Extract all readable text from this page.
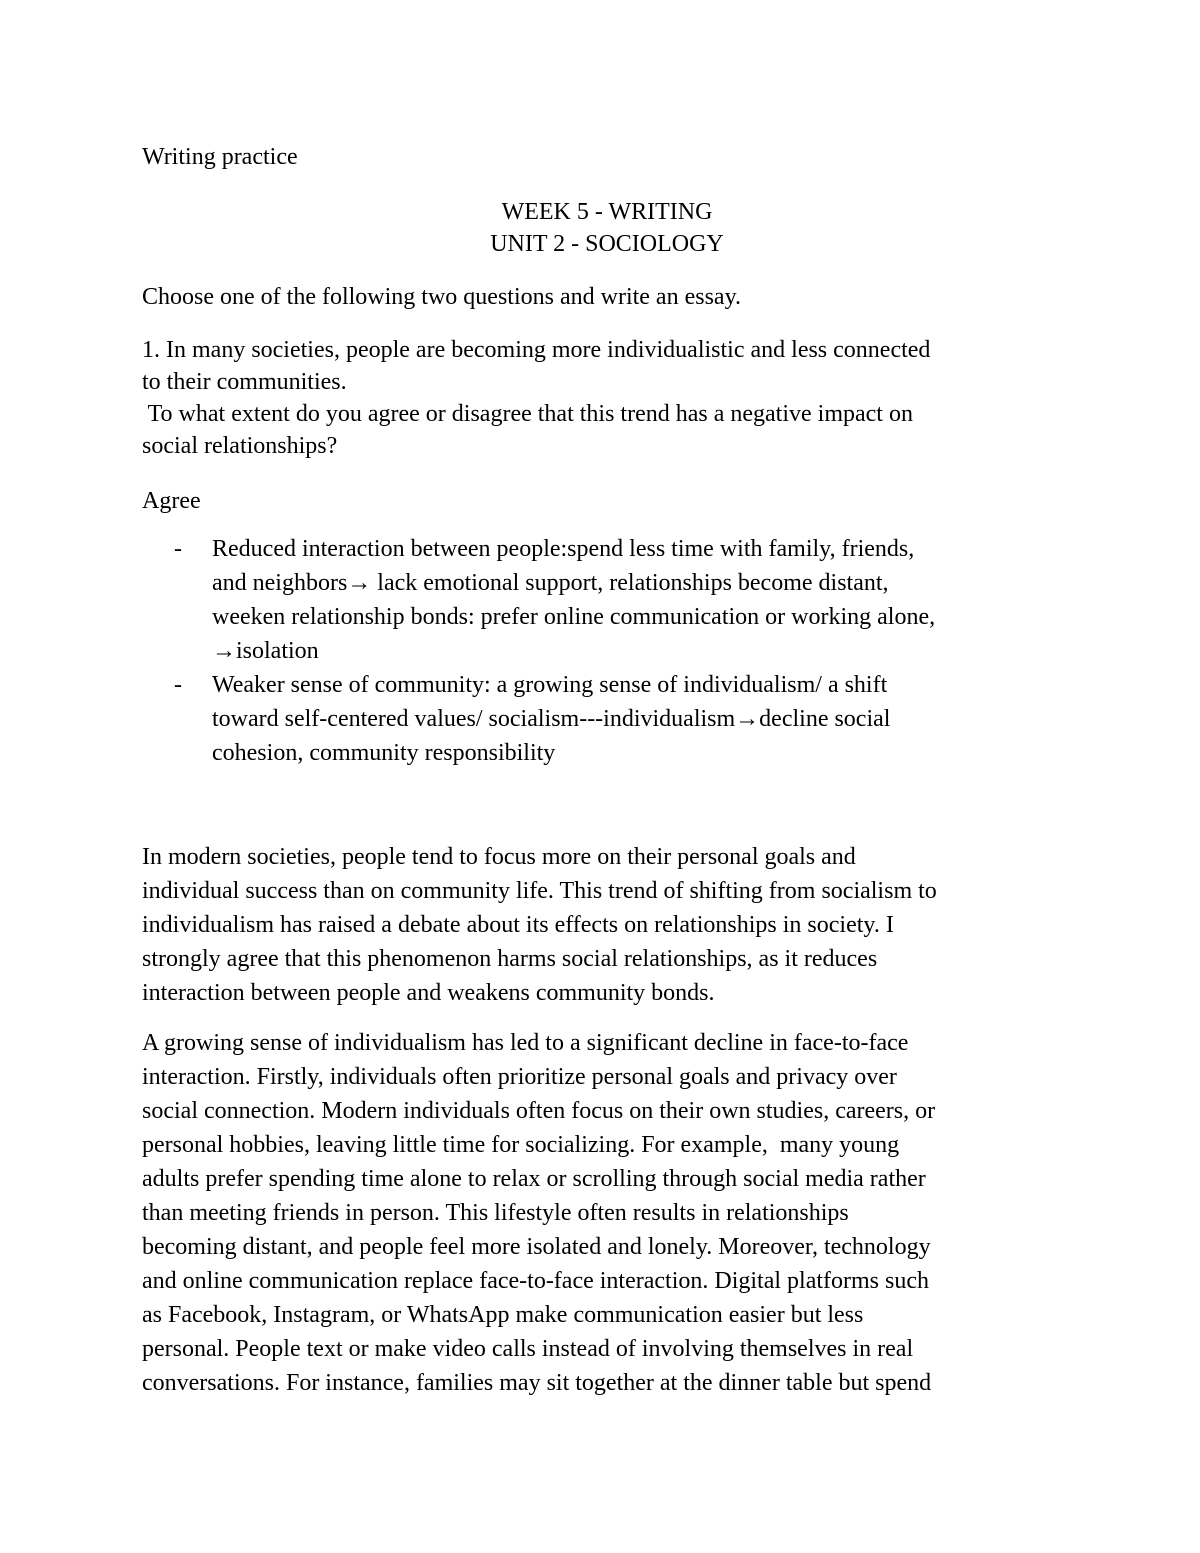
Writing practice
WEEK 5 - WRITING
UNIT 2 - SOCIOLOGY
Choose one of the following two questions and write an essay.
1. In many societies, people are becoming more individualistic and less connected
to their communities.
To what extent do you agree or disagree that this trend has a negative impact on
social relationships?
Agree
- Reduced interaction between people:spend less time with family, friends,
and neighbors→ lack emotional support, relationships become distant,
weeken relationship bonds: prefer online communication or working alone,
→isolation
- Weaker sense of community: a growing sense of individualism/ a shift
toward self-centered values/ socialism---individualism→decline social
cohesion, community responsibility
In modern societies, people tend to focus more on their personal goals and
individual success than on community life. This trend of shifting from socialism to
individualism has raised a debate about its effects on relationships in society. I
strongly agree that this phenomenon harms social relationships, as it reduces
interaction between people and weakens community bonds.
A growing sense of individualism has led to a significant decline in face-to-face
interaction. Firstly, individuals often prioritize personal goals and privacy over
social connection. Modern individuals often focus on their own studies, careers, or
personal hobbies, leaving little time for socializing. For example,  many young
adults prefer spending time alone to relax or scrolling through social media rather
than meeting friends in person. This lifestyle often results in relationships
becoming distant, and people feel more isolated and lonely. Moreover, technology
and online communication replace face-to-face interaction. Digital platforms such
as Facebook, Instagram, or WhatsApp make communication easier but less
personal. People text or make video calls instead of involving themselves in real
conversations. For instance, families may sit together at the dinner table but spend
